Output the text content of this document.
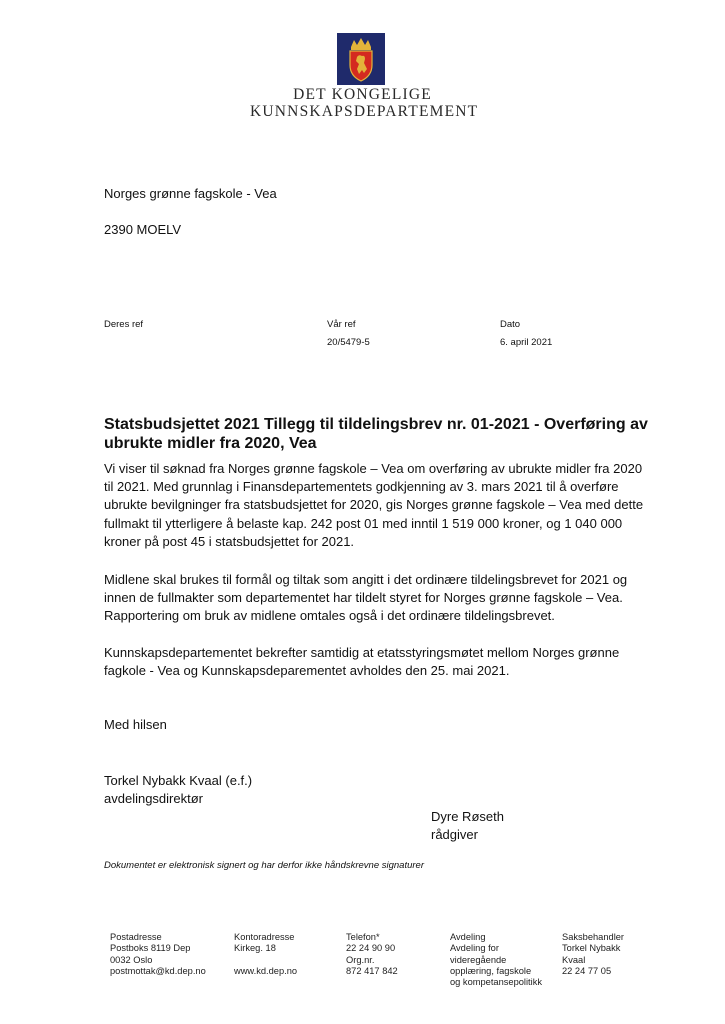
DET KONGELIGE
KUNNSKAPSDEPARTEMENT
Norges grønne fagskole - Vea
2390 MOELV
Deres ref	Vår ref
20/5479-5
Dato
6. april 2021
Statsbudsjettet 2021 Tillegg til tildelingsbrev nr. 01-2021 - Overføring av ubrukte midler fra 2020, Vea
Vi viser til søknad fra Norges grønne fagskole – Vea om overføring av ubrukte midler fra 2020 til 2021. Med grunnlag i Finansdepartementets godkjenning av 3. mars 2021 til å overføre ubrukte bevilgninger fra statsbudsjettet for 2020, gis Norges grønne fagskole – Vea med dette fullmakt til ytterligere å belaste kap. 242 post 01 med inntil 1 519 000 kroner, og 1 040 000 kroner på post 45 i statsbudsjettet for 2021.
Midlene skal brukes til formål og tiltak som angitt i det ordinære tildelingsbrevet for 2021 og innen de fullmakter som departementet har tildelt styret for Norges grønne fagskole – Vea. Rapportering om bruk av midlene omtales også i det ordinære tildelingsbrevet.
Kunnskapsdepartementet bekrefter samtidig at etatsstyringsmøtet mellom Norges grønne fagkole - Vea og Kunnskapsdeparementet avholdes den 25. mai 2021.
Med hilsen
Torkel Nybakk Kvaal (e.f.)
avdelingsdirektør
Dyre Røseth
rådgiver
Dokumentet er elektronisk signert og har derfor ikke håndskrevne signaturer
Postadresse
Postboks 8119 Dep
0032 Oslo
postmottak@kd.dep.no
Kontoradresse
Kirkeg. 18

www.kd.dep.no
Telefon*
22 24 90 90
Org.nr.
872 417 842
Avdeling
Avdeling for
videregående
opplæring, fagskole
og kompetansepolitikk
Saksbehandler
Torkel Nybakk
Kvaal
22 24 77 05
